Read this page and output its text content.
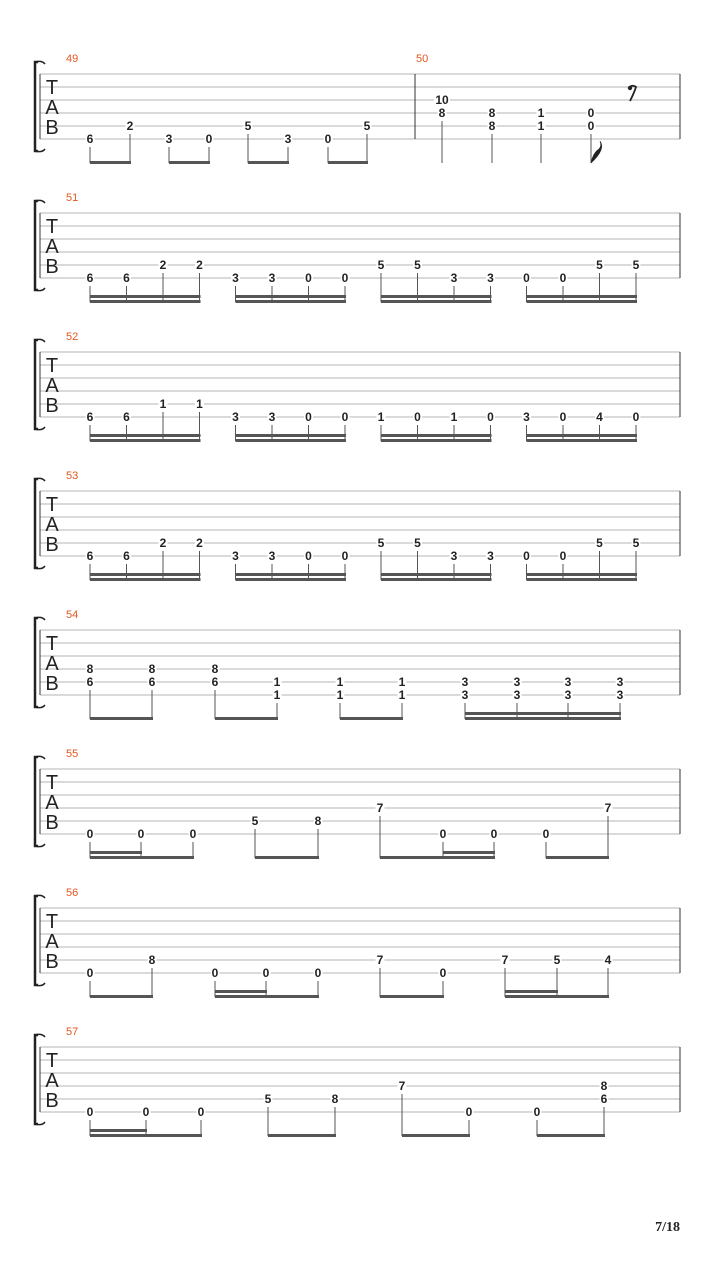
T
A
B
49
6
2
3	0
5
3	0
5
50
10
8	8
8
1
1
0
0
T
A
B
51
6 6
2 2
3 3 0 0
5 5
3 3 0 0
5 5
T
A
B
52
6 6
1 1
3 3 0 0 1 0 1 0 3 0 4 0
T
A
B
53
6 6
2 2
3 3 0 0
5 5
3 3 0 0
5 5
T
A
B
54
8
6
8
6
8
6	1
1
1
1
1
1
3
3
3
3
3
3
3
3
T
A
B
55
0	0	0
5	8
7
0	0	0
7
T
A
B
56
0
8
0	0	0
7
0
7	5	4
T
A
B
57
0	0	0
5	8
7
0	0
8
6
7/18
